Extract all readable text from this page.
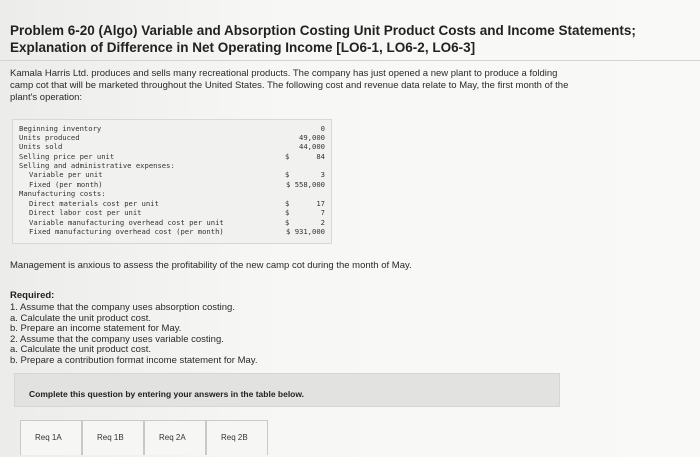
Problem 6-20 (Algo) Variable and Absorption Costing Unit Product Costs and Income Statements;
Explanation of Difference in Net Operating Income [LO6-1, LO6-2, LO6-3]
Kamala Harris Ltd. produces and sells many recreational products. The company has just opened a new plant to produce a folding
camp cot that will be marketed throughout the United States. The following cost and revenue data relate to May, the first month of the
plant's operation:
Beginning inventory	0
Units produced	49,000
Units sold	44,000
Selling price per unit	$	84
Selling and administrative expenses:
Variable per unit	$	3
Fixed (per month)	$ 558,000
Manufacturing costs:
Direct materials cost per unit	$	17
Direct labor cost per unit	$	7
Variable manufacturing overhead cost per unit	$	2
Fixed manufacturing overhead cost (per month)	$ 931,000
Management is anxious to assess the profitability of the new camp cot during the month of May.
Required:
1. Assume that the company uses absorption costing.
a. Calculate the unit product cost.
b. Prepare an income statement for May.
2. Assume that the company uses variable costing.
a. Calculate the unit product cost.
b. Prepare a contribution format income statement for May.
Complete this question by entering your answers in the table below.
Req 1A	Req 1B	Req 2A	Req 2B
